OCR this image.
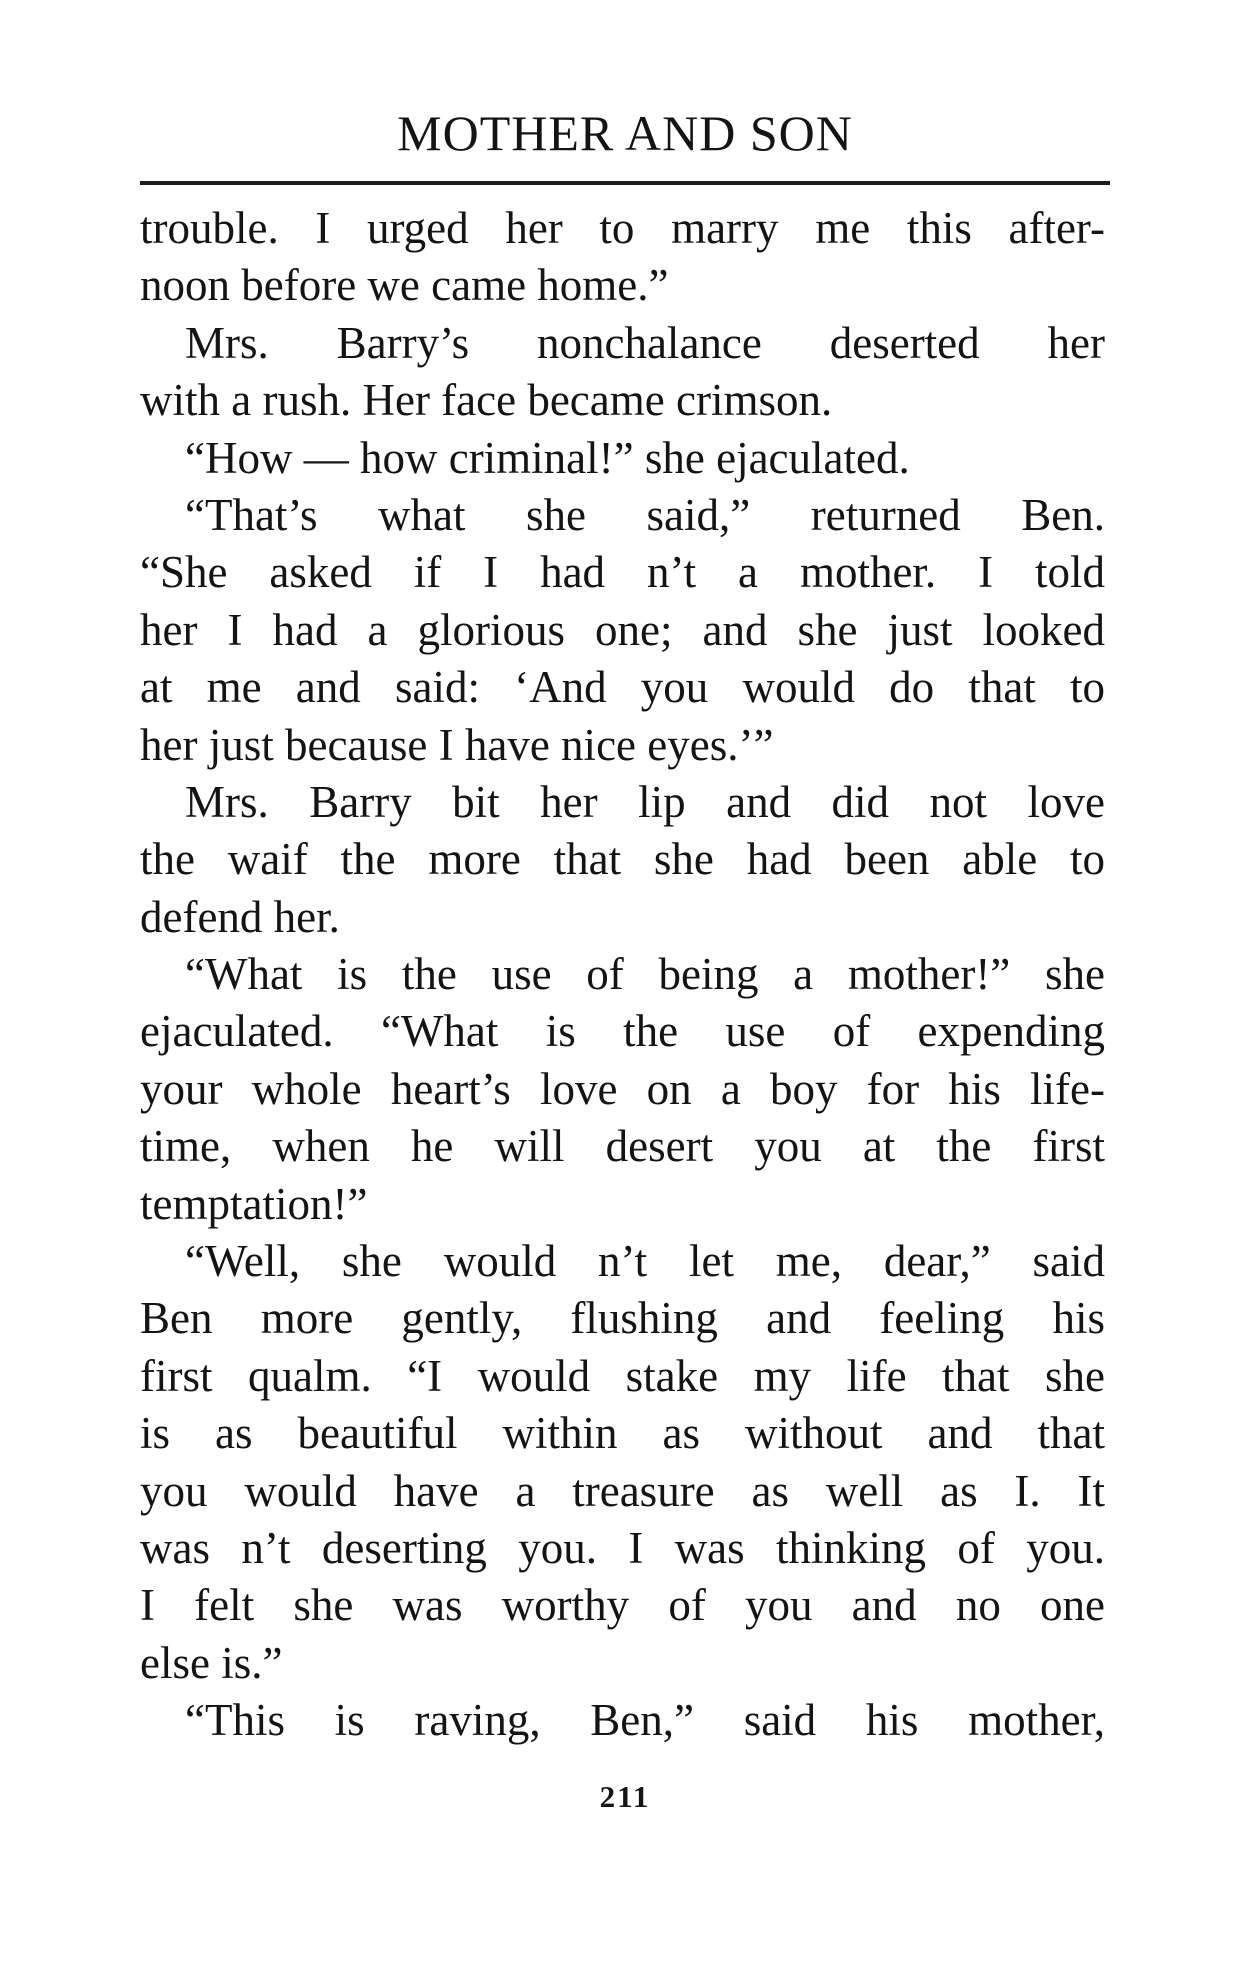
MOTHER AND SON
trouble. I urged her to marry me this after-
noon before we came home.”
Mrs. Barry’s nonchalance deserted her
with a rush. Her face became crimson.
“How — how criminal!” she ejaculated.
“That’s what she said,” returned Ben.
“She asked if I had n’t a mother. I told
her I had a glorious one; and she just looked
at me and said: ‘And you would do that to
her just because I have nice eyes.’”
Mrs. Barry bit her lip and did not love
the waif the more that she had been able to
defend her.
“What is the use of being a mother!” she
ejaculated. “What is the use of expending
your whole heart’s love on a boy for his life-
time, when he will desert you at the first
temptation!”
“Well, she would n’t let me, dear,” said
Ben more gently, flushing and feeling his
first qualm. “I would stake my life that she
is as beautiful within as without and that
you would have a treasure as well as I. It
was n’t deserting you. I was thinking of you.
I felt she was worthy of you and no one
else is.”
“This is raving, Ben,” said his mother,
211
